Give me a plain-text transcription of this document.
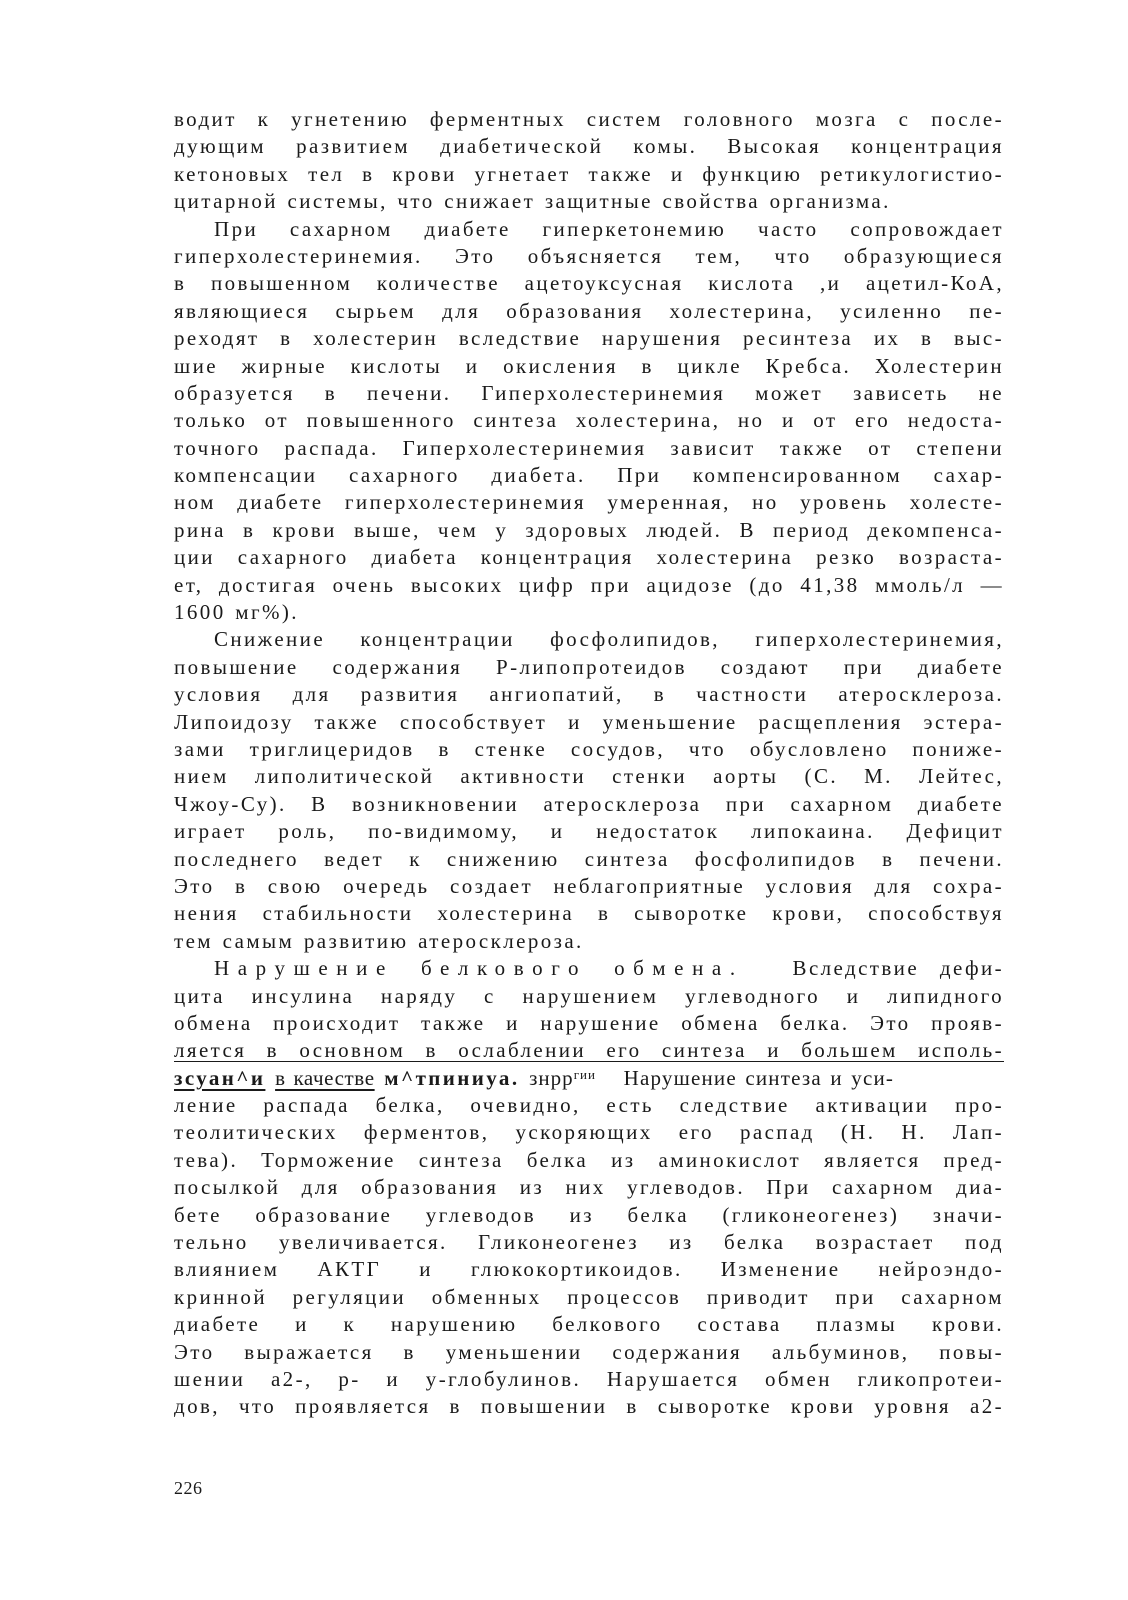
водит к угнетению ферментных систем головного мозга с после-
дующим развитием диабетической комы. Высокая концентрация
кетоновых тел в крови угнетает также и функцию ретикулогистио-
цитарной системы, что снижает защитные свойства организма.
При сахарном диабете гиперкетонемию часто сопровождает
гиперхолестеринемия. Это объясняется тем, что образующиеся
в повышенном количестве ацетоуксусная кислота ,и ацетил-КоА,
являющиеся сырьем для образования холестерина, усиленно пе-
реходят в холестерин вследствие нарушения ресинтеза их в выс-
шие жирные кислоты и окисления в цикле Кребса. Холестерин
образуется в печени. Гиперхолестеринемия может зависеть не
только от повышенного синтеза холестерина, но и от его недоста-
точного распада. Гиперхолестеринемия зависит также от степени
компенсации сахарного диабета. При компенсированном сахар-
ном диабете гиперхолестеринемия умеренная, но уровень холесте-
рина в крови выше, чем у здоровых людей. В период декомпенса-
ции сахарного диабета концентрация холестерина резко возраста-
ет, достигая очень высоких цифр при ацидозе (до 41,38 ммоль/л —
1600 мг%).
Снижение концентрации фосфолипидов, гиперхолестеринемия,
повышение содержания Р-липопротеидов создают при диабете
условия для развития ангиопатий, в частности атеросклероза.
Липоидозу также способствует и уменьшение расщепления эстера-
зами триглицеридов в стенке сосудов, что обусловлено пониже-
нием липолитической активности стенки аорты (С. М. Лейтес,
Чжоу-Су). В возникновении атеросклероза при сахарном диабете
играет роль, по-видимому, и недостаток липокаина. Дефицит
последнего ведет к снижению синтеза фосфолипидов в печени.
Это в свою очередь создает неблагоприятные условия для сохра-
нения стабильности холестерина в сыворотке крови, способствуя
тем самым развитию атеросклероза.
Нарушение белкового обмена. Вследствие дефи-
цита инсулина наряду с нарушением углеводного и липидного
обмена происходит также и нарушение обмена белка. Это прояв-
ляется в основном в ослаблении его синтеза и большем исполь-
зсуан^и в качестве м^тпиниуа. знрр$^{гии}$ Нарушение синтеза и уси-
ление распада белка, очевидно, есть следствие активации про-
теолитических ферментов, ускоряющих его распад (Н. Н. Лап-
тева). Торможение синтеза белка из аминокислот является пред-
посылкой для образования из них углеводов. При сахарном диа-
бете образование углеводов из белка (гликонеогенез) значи-
тельно увеличивается. Гликонеогенез из белка возрастает под
влиянием АКТГ и глюкокортикоидов. Изменение нейроэндо-
кринной регуляции обменных процессов приводит при сахарном
диабете и к нарушению белкового состава плазмы крови.
Это выражается в уменьшении содержания альбуминов, повы-
шении а2-, р- и у-глобулинов. Нарушается обмен гликопротеи-
дов, что проявляется в повышении в сыворотке крови уровня а2-
226
